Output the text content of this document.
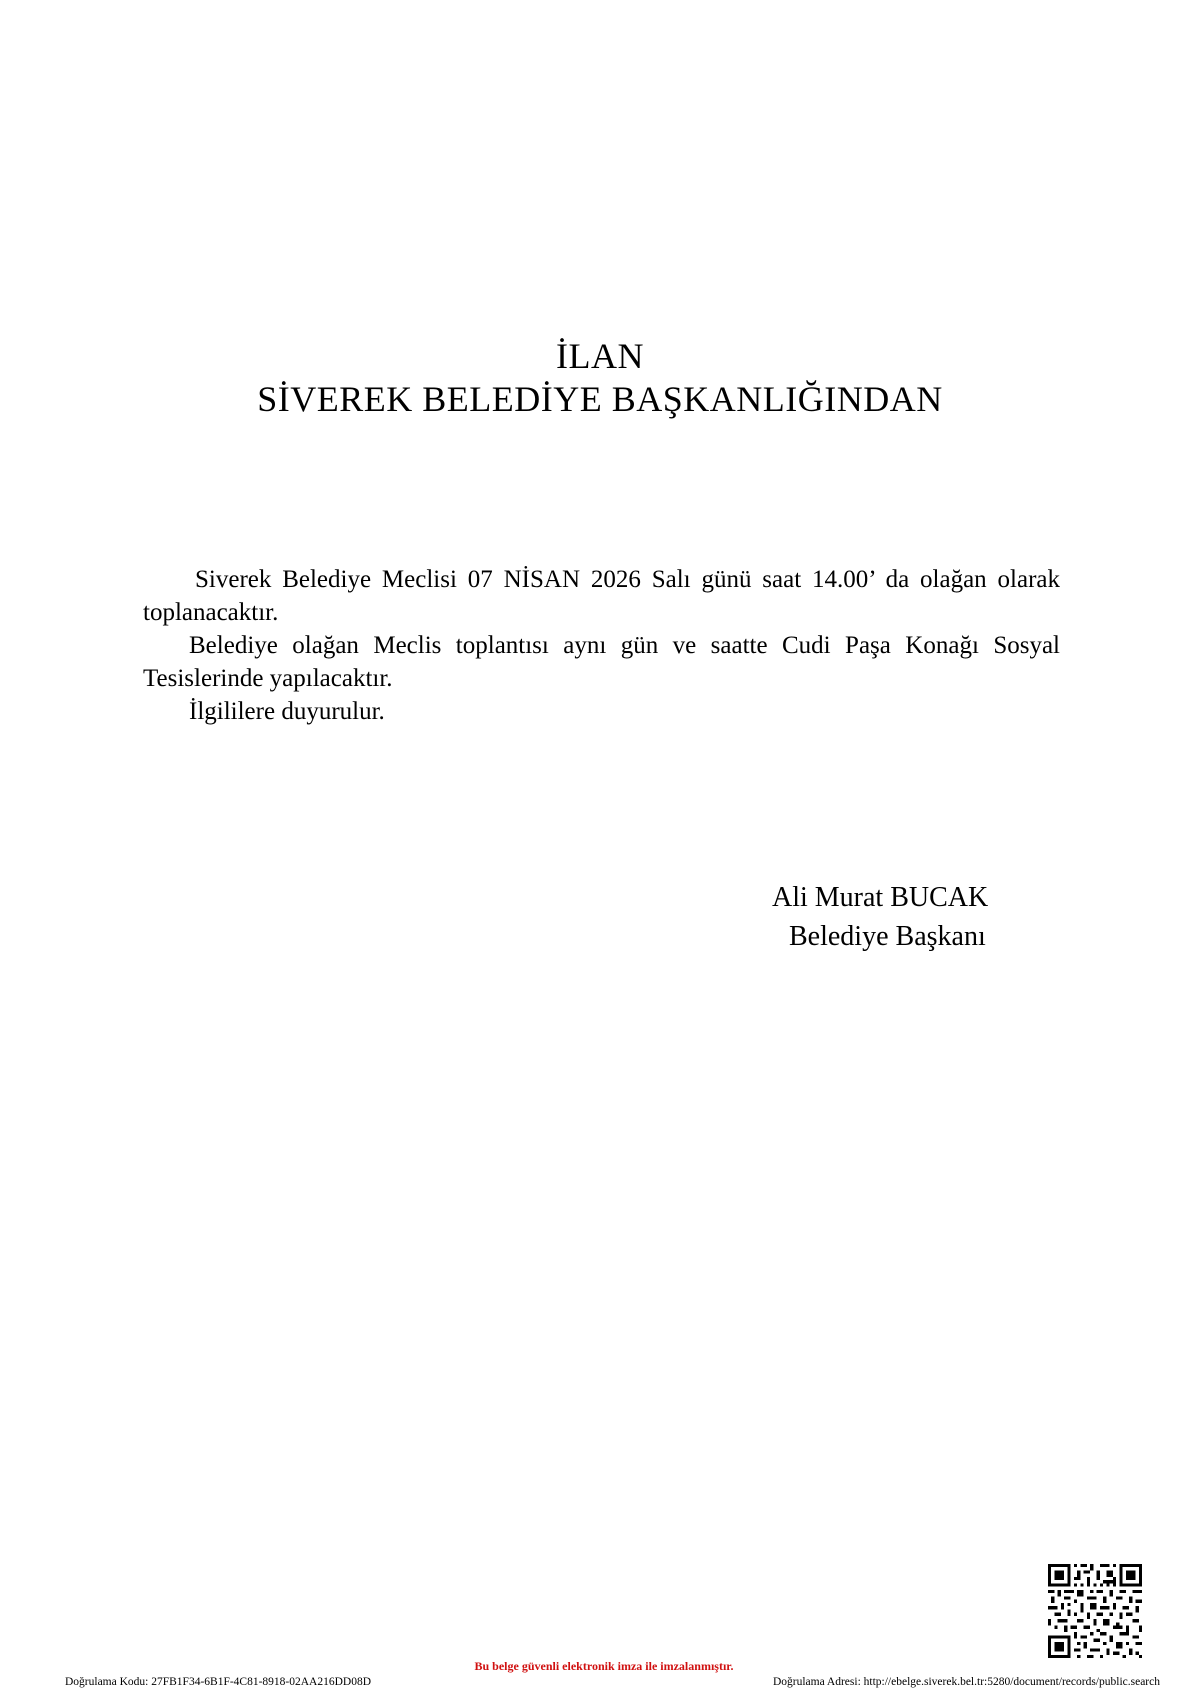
İLAN
SİVEREK BELEDİYE BAŞKANLIĞINDAN

Siverek Belediye Meclisi 07 NİSAN 2026 Salı günü saat 14.00’ da olağan olarak toplanacaktır.

Belediye olağan Meclis toplantısı aynı gün ve saatte Cudi Paşa Konağı Sosyal Tesislerinde yapılacaktır.

İlgililere duyurulur.

Ali Murat BUCAK
Belediye Başkanı
Bu belge güvenli elektronik imza ile imzalanmıştır.
Doğrulama Kodu: 27FB1F34-6B1F-4C81-8918-02AA216DD08D	Doğrulama Adresi: http://ebelge.siverek.bel.tr:5280/document/records/public.search
